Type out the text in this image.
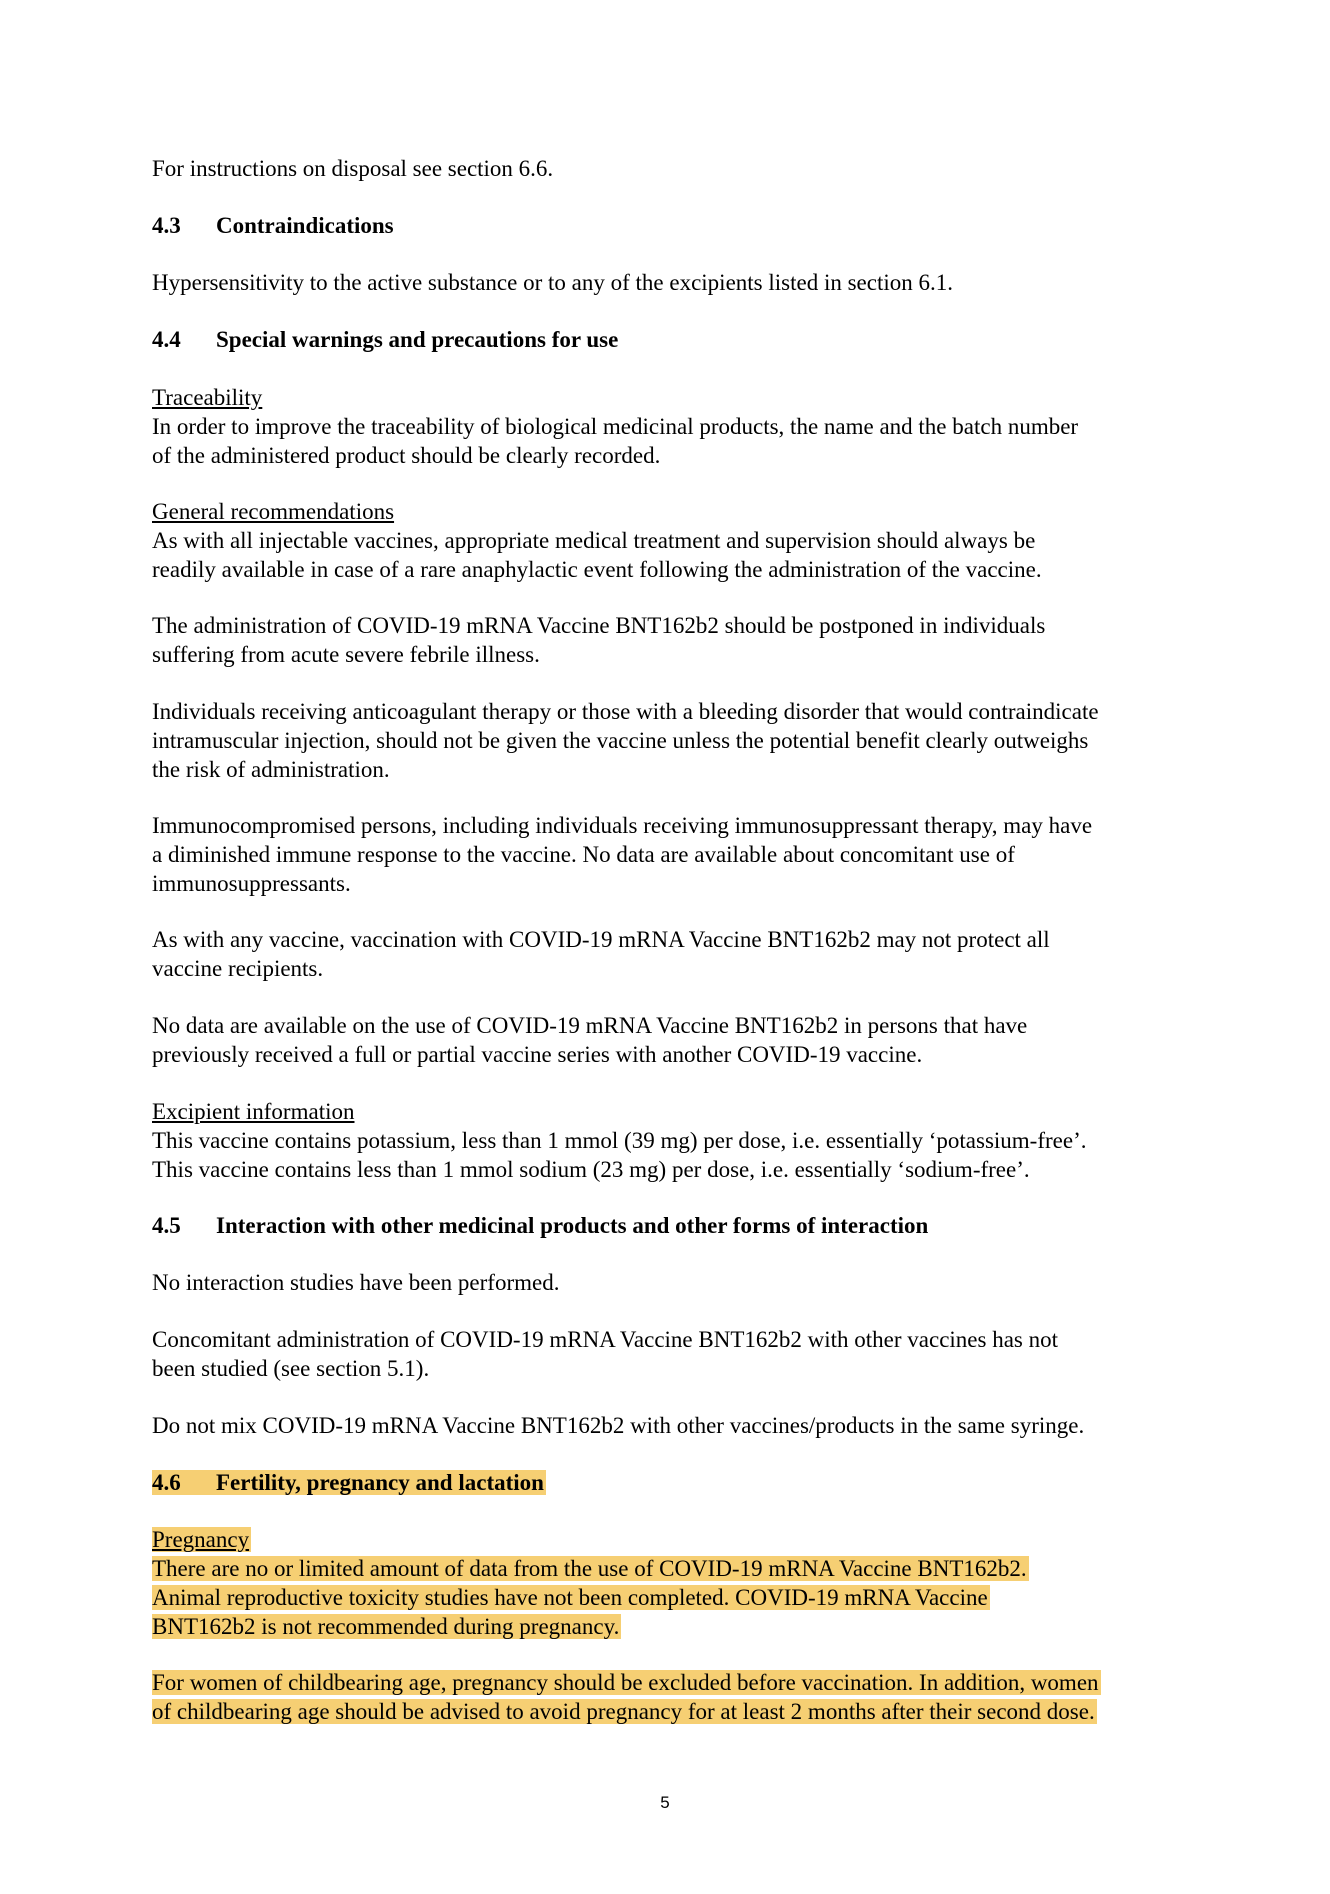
For instructions on disposal see section 6.6.
4.3 Contraindications
Hypersensitivity to the active substance or to any of the excipients listed in section 6.1.
4.4 Special warnings and precautions for use
Traceability
In order to improve the traceability of biological medicinal products, the name and the batch number
of the administered product should be clearly recorded.
General recommendations
As with all injectable vaccines, appropriate medical treatment and supervision should always be
readily available in case of a rare anaphylactic event following the administration of the vaccine.
The administration of COVID-19 mRNA Vaccine BNT162b2 should be postponed in individuals
suffering from acute severe febrile illness.
Individuals receiving anticoagulant therapy or those with a bleeding disorder that would contraindicate
intramuscular injection, should not be given the vaccine unless the potential benefit clearly outweighs
the risk of administration.
Immunocompromised persons, including individuals receiving immunosuppressant therapy, may have
a diminished immune response to the vaccine. No data are available about concomitant use of
immunosuppressants.
As with any vaccine, vaccination with COVID-19 mRNA Vaccine BNT162b2 may not protect all
vaccine recipients.
No data are available on the use of COVID-19 mRNA Vaccine BNT162b2 in persons that have
previously received a full or partial vaccine series with another COVID-19 vaccine.
Excipient information
This vaccine contains potassium, less than 1 mmol (39 mg) per dose, i.e. essentially ‘potassium-free’.
This vaccine contains less than 1 mmol sodium (23 mg) per dose, i.e. essentially ‘sodium-free’.
4.5 Interaction with other medicinal products and other forms of interaction
No interaction studies have been performed.
Concomitant administration of COVID-19 mRNA Vaccine BNT162b2 with other vaccines has not
been studied (see section 5.1).
Do not mix COVID-19 mRNA Vaccine BNT162b2 with other vaccines/products in the same syringe.
4.6 Fertility, pregnancy and lactation
Pregnancy
There are no or limited amount of data from the use of COVID-19 mRNA Vaccine BNT162b2.
Animal reproductive toxicity studies have not been completed. COVID-19 mRNA Vaccine
BNT162b2 is not recommended during pregnancy.
For women of childbearing age, pregnancy should be excluded before vaccination. In addition, women
of childbearing age should be advised to avoid pregnancy for at least 2 months after their second dose.
5
